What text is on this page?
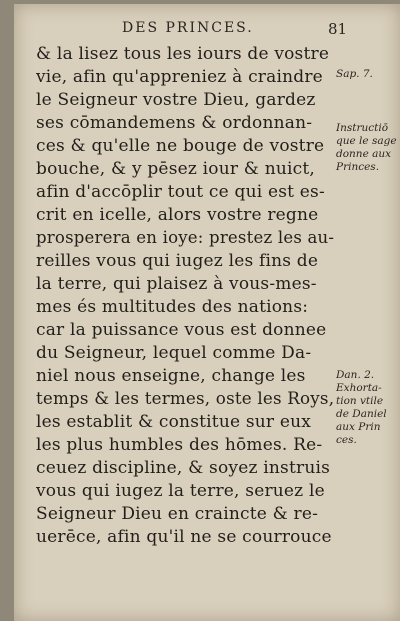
DES PRINCES.	81
& la lisez tous les iours de vostre
vie, afin qu'appreniez à craindre
le Seigneur vostre Dieu, gardez
ses cōmandemens & ordonnan-
ces & qu'elle ne bouge de vostre
bouche, & y pēsez iour & nuict,
afin d'accōplir tout ce qui est es-
crit en icelle, alors vostre regne
prosperera en ioye: prestez les au-
reilles vous qui iugez les fins de
la terre, qui plaisez à vous-mes-
mes és multitudes des nations:
car la puissance vous est donnee
du Seigneur, lequel comme Da-
niel nous enseigne, change les
temps & les termes, oste les Roys,
les establit & constitue sur eux
les plus humbles des hōmes. Re-
ceuez discipline, & soyez instruis
vous qui iugez la terre, seruez le
Seigneur Dieu en craincte & re-
uerēce, afin qu'il ne se courrouce
Sap. 7.
Instructiō
que le sage
donne aux
Princes.
Dan. 2.
Exhorta-
tion vtile
de Daniel
aux Prin
ces.
